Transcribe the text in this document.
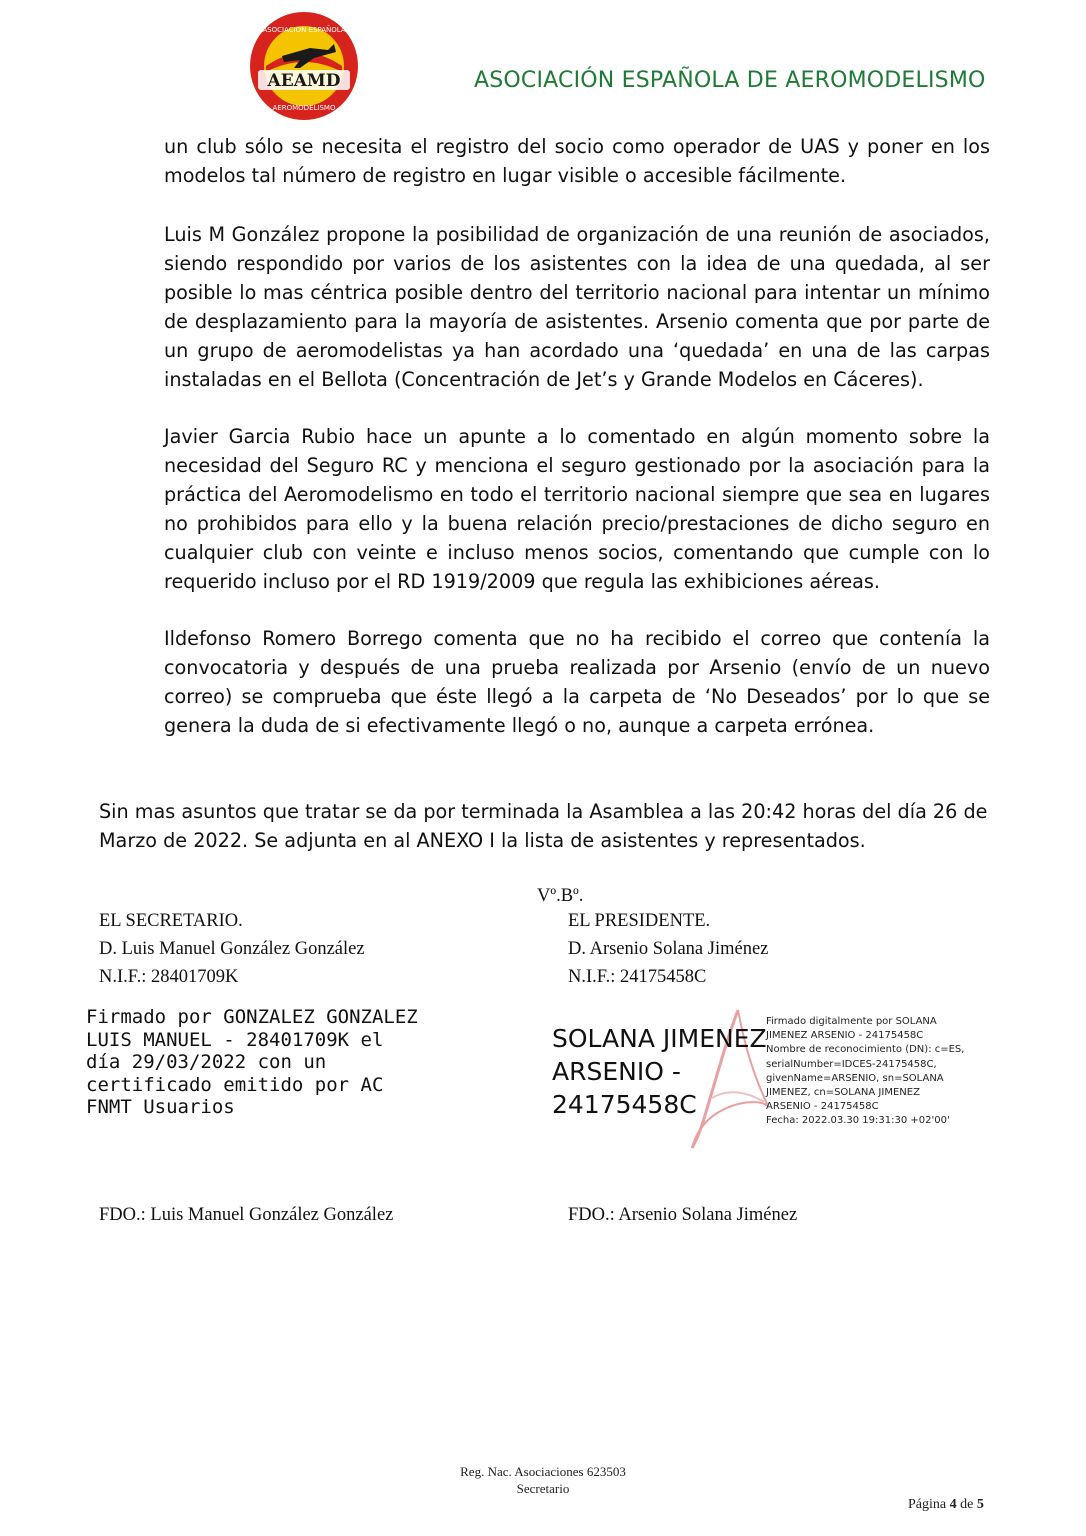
AEAMD
ASOCIACION ESPAÑOLA
AEROMODELISMO
ASOCIACIÓN ESPAÑOLA DE AEROMODELISMO

un club sólo se necesita el registro del socio como operador de UAS y poner en los modelos tal número de registro en lugar visible o accesible fácilmente.

Luis M González propone la posibilidad de organización de una reunión de asociados, siendo respondido por varios de los asistentes con la idea de una quedada, al ser posible lo mas céntrica posible dentro del territorio nacional para intentar un mínimo de desplazamiento para la mayoría de asistentes. Arsenio comenta que por parte de un grupo de aeromodelistas ya han acordado una ‘quedada’ en una de las carpas instaladas en el Bellota (Concentración de Jet’s y Grande Modelos en Cáceres).

Javier Garcia Rubio hace un apunte a lo comentado en algún momento sobre la necesidad del Seguro RC y menciona el seguro gestionado por la asociación para la práctica del Aeromodelismo en todo el territorio nacional siempre que sea en lugares no prohibidos para ello y la buena relación precio/prestaciones de dicho seguro en cualquier club con veinte e incluso menos socios, comentando que cumple con lo requerido incluso por el RD 1919/2009 que regula las exhibiciones aéreas.

Ildefonso Romero Borrego comenta que no ha recibido el correo que contenía la convocatoria y después de una prueba realizada por Arsenio (envío de un nuevo correo) se comprueba que éste llegó a la carpeta de ‘No Deseados’ por lo que se genera la duda de si efectivamente llegó o no, aunque a carpeta errónea.

Sin mas asuntos que tratar se da por terminada la Asamblea a las 20:42 horas del día 26 de Marzo de 2022. Se adjunta en al ANEXO I la lista de asistentes y representados.

Vº.Bº.
EL SECRETARIO.
D. Luis Manuel González González
N.I.F.: 28401709K
EL PRESIDENTE.
D. Arsenio Solana Jiménez
N.I.F.: 24175458C
Firmado por GONZALEZ GONZALEZ
LUIS MANUEL - 28401709K el
día 29/03/2022 con un
certificado emitido por AC
FNMT Usuarios
SOLANA JIMENEZ
ARSENIO -
24175458C
Firmado digitalmente por SOLANA
JIMENEZ ARSENIO - 24175458C
Nombre de reconocimiento (DN): c=ES,
serialNumber=IDCES-24175458C,
givenName=ARSENIO, sn=SOLANA
JIMENEZ, cn=SOLANA JIMENEZ
ARSENIO - 24175458C
Fecha: 2022.03.30 19:31:30 +02'00'
FDO.: Luis Manuel González González	FDO.: Arsenio Solana Jiménez
Reg. Nac. Asociaciones 623503
Secretario
Página 4 de 5
